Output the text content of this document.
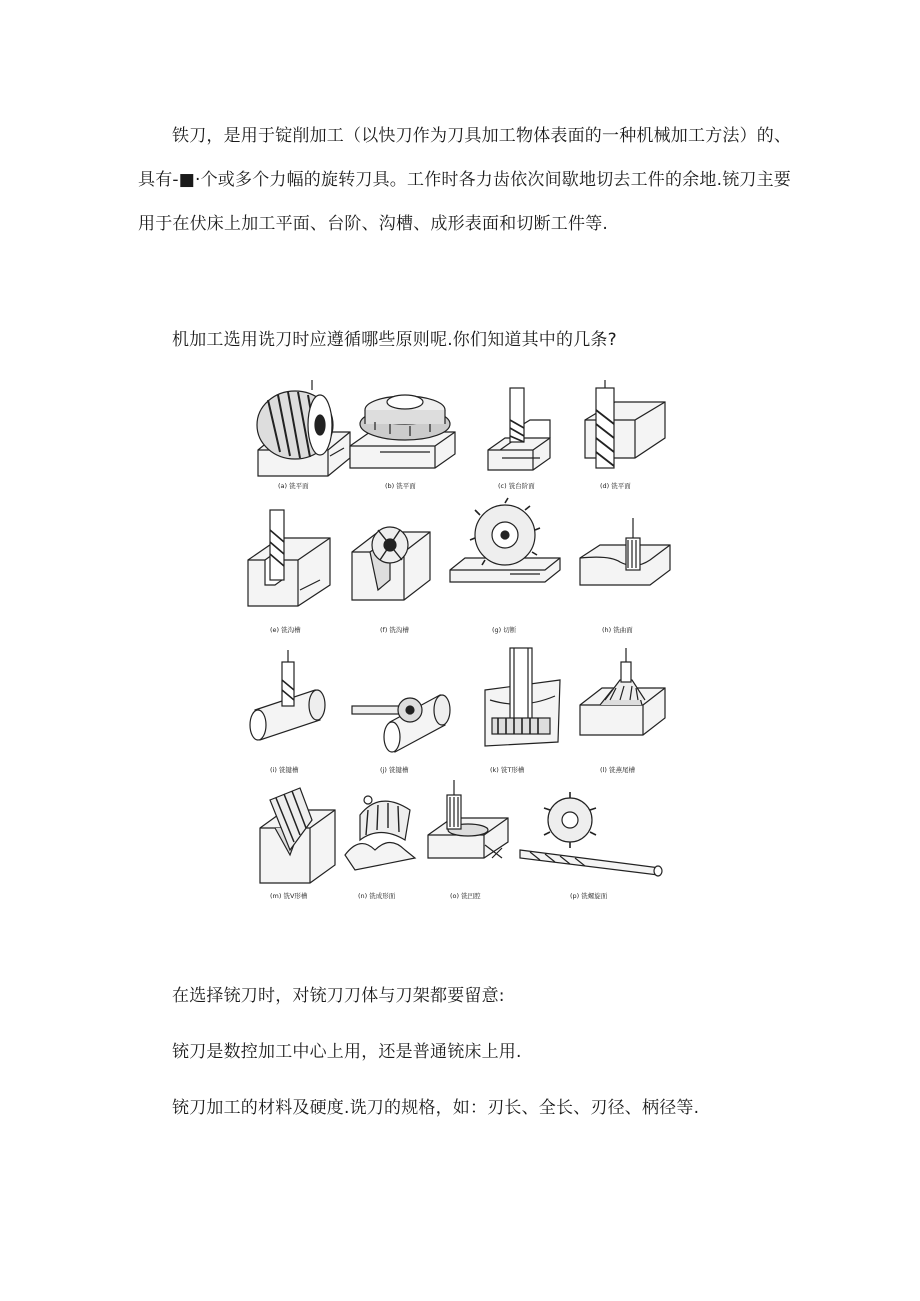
铁刀，是用于锭削加工（以快刀作为刀具加工物体表面的一种机械加工方法）的、具有-■·个或多个力幅的旋转刀具。工作时各力齿依次间歇地切去工件的余地.铳刀主要用于在伏床上加工平面、台阶、沟槽、成形表面和切断工件等.

机加工选用诜刀时应遵循哪些原则呢.你们知道其中的几条?

(a) 铣平面	(b) 铣平面	(c) 铣台阶面	(d) 铣平面
(e) 铣沟槽	(f) 铣沟槽	(g) 切断	(h) 铣曲面
(i) 铣键槽	(j) 铣键槽	(k) 铣T形槽	(l) 铣燕尾槽
(m) 铣V形槽	(n) 铣成形面	(o) 铣凹腔	(p) 铣螺旋面

在选择铳刀时，对铳刀刀体与刀架都要留意:

铳刀是数控加工中心上用，还是普通铳床上用.

铳刀加工的材料及硬度.诜刀的规格，如：刃长、全长、刃径、柄径等.
